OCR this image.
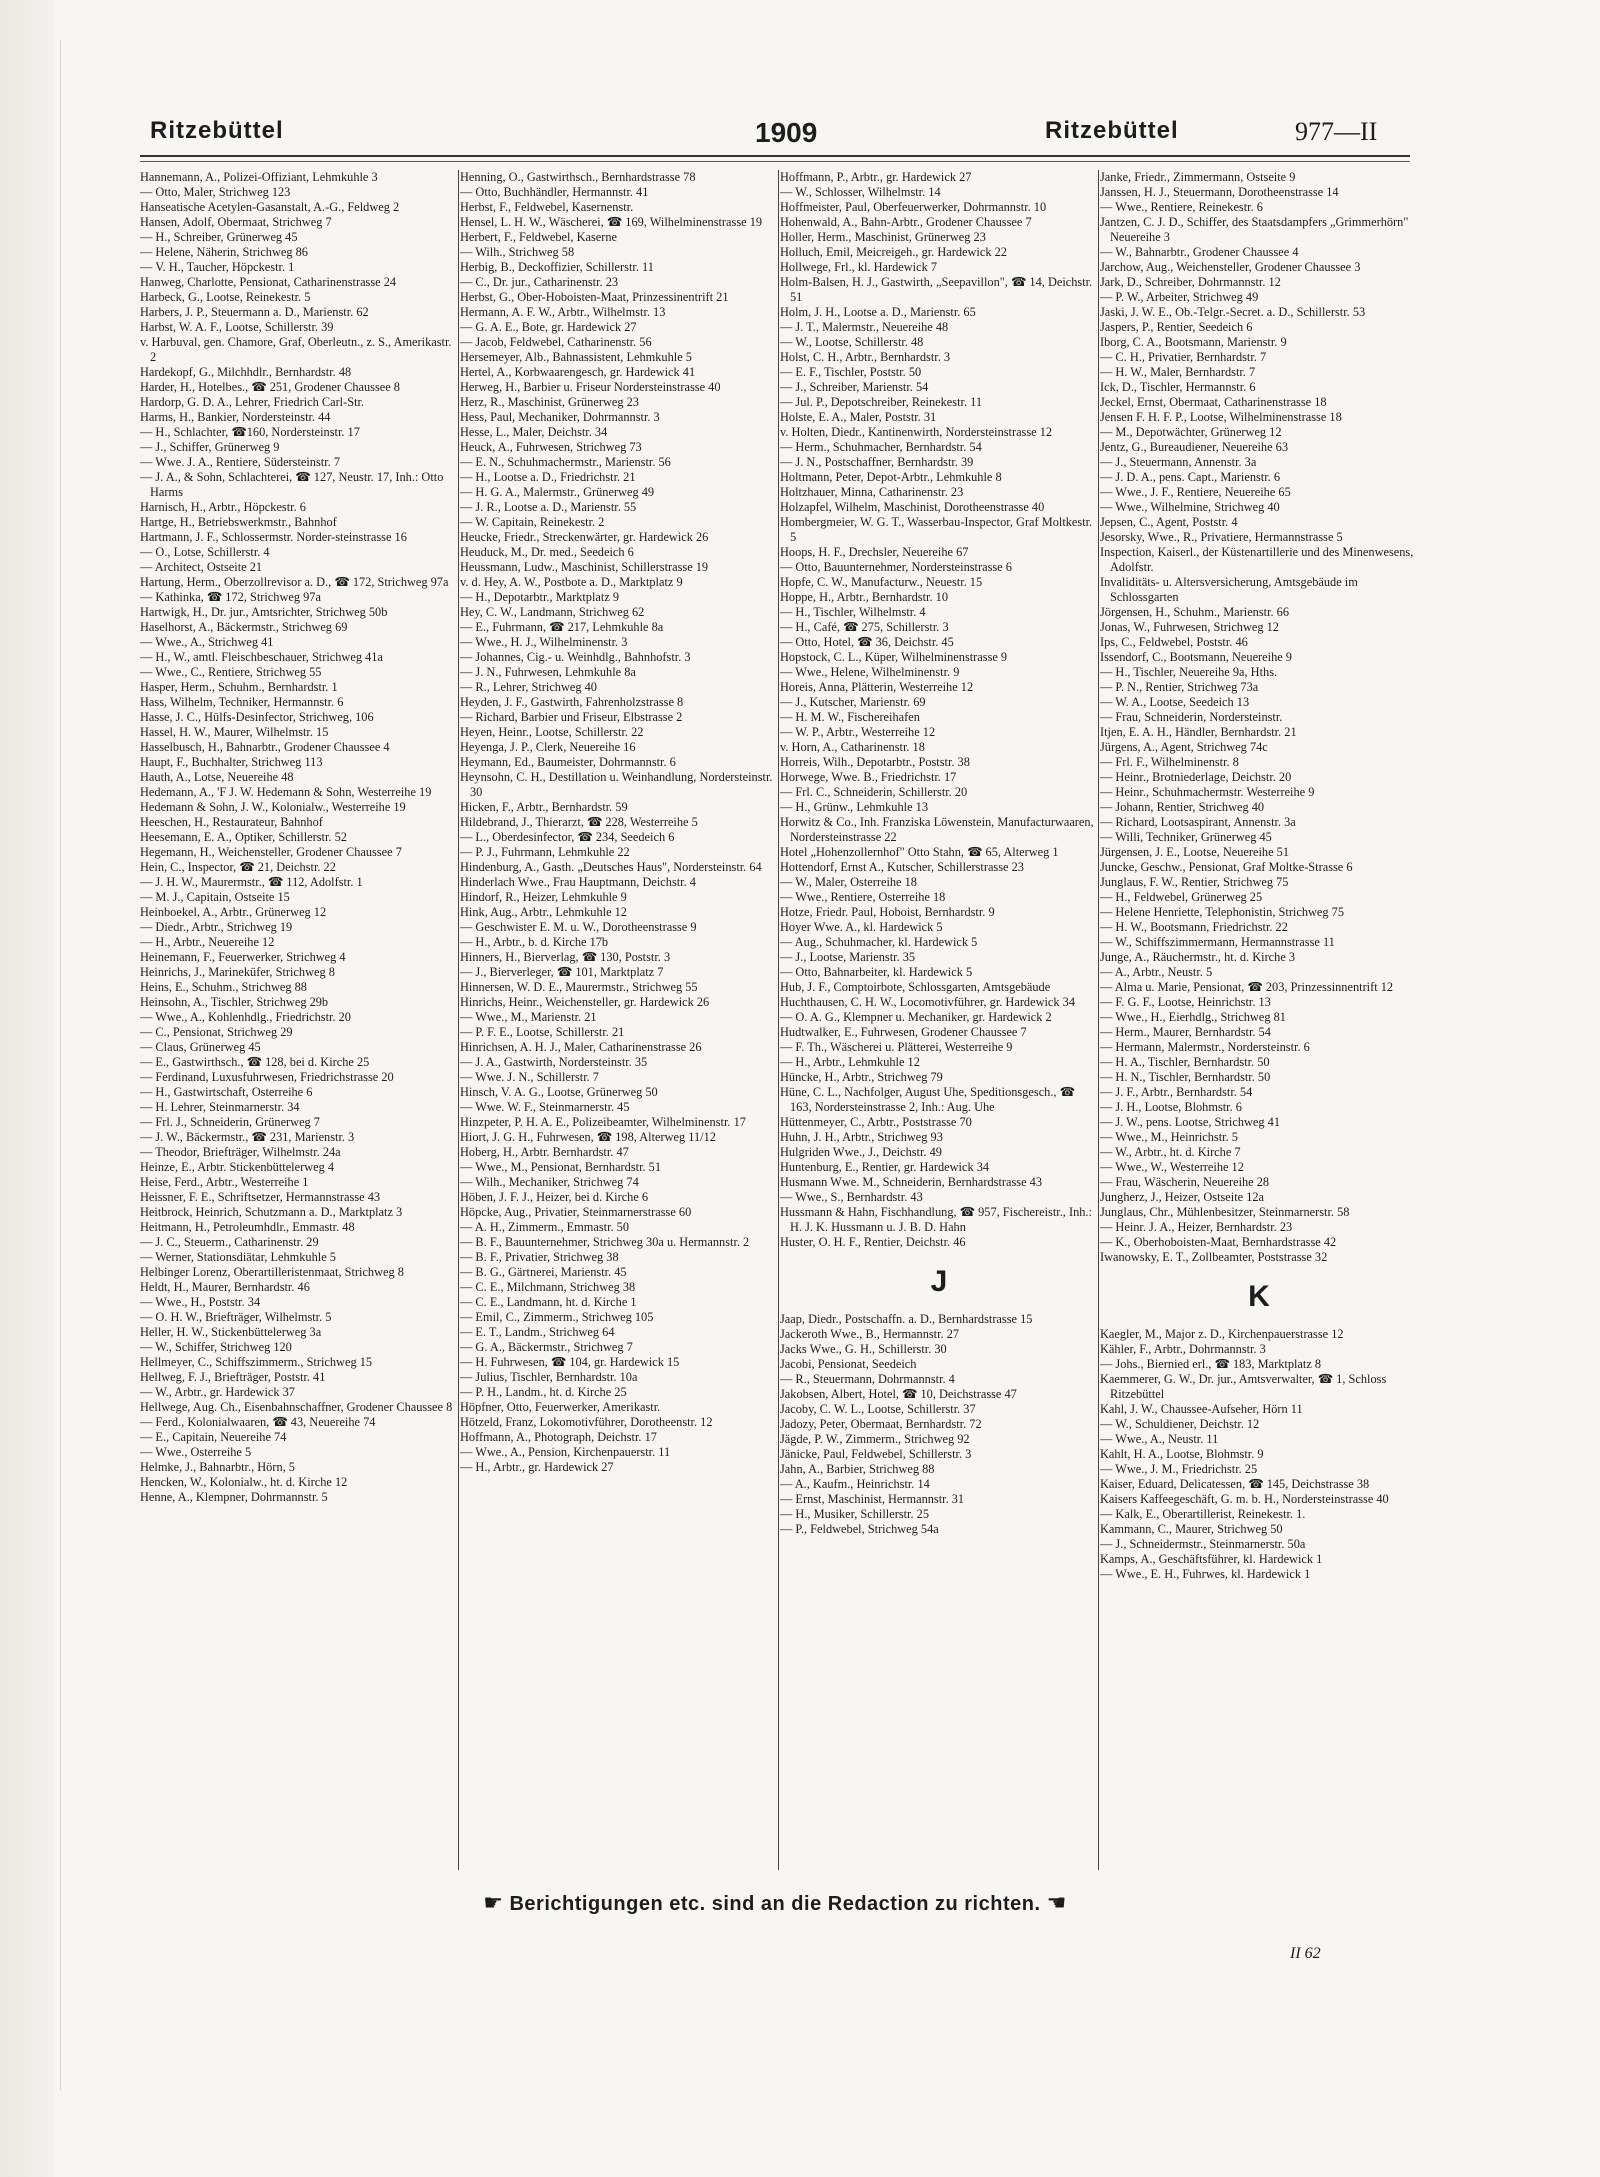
Ritzebüttel	1909	Ritzebüttel	977—II

Hannemann, A., Polizei-Offiziant, Lehmkuhle 3

— Otto, Maler, Strichweg 123

Hanseatische Acetylen-Gasanstalt, A.-G., Feldweg 2

Hansen, Adolf, Obermaat, Strichweg 7

— H., Schreiber, Grünerweg 45

— Helene, Näherin, Strichweg 86

— V. H., Taucher, Höpckestr. 1

Hanweg, Charlotte, Pensionat, Catharinenstrasse 24

Harbeck, G., Lootse, Reinekestr. 5

Harbers, J. P., Steuermann a. D., Marienstr. 62

Harbst, W. A. F., Lootse, Schillerstr. 39

v. Harbuval, gen. Chamore, Graf, Oberleutn., z. S., Amerikastr. 2

Hardekopf, G., Milchhdlr., Bernhardstr. 48

Harder, H., Hotelbes., ☎ 251, Grodener Chaussee 8

Hardorp, G. D. A., Lehrer, Friedrich Carl-Str.

Harms, H., Bankier, Nordersteinstr. 44

— H., Schlachter, ☎160, Nordersteinstr. 17

— J., Schiffer, Grünerweg 9

— Wwe. J. A., Rentiere, Südersteinstr. 7

— J. A., & Sohn, Schlachterei, ☎ 127, Neustr. 17, Inh.: Otto Harms

Harnisch, H., Arbtr., Höpckestr. 6

Hartge, H., Betriebswerkmstr., Bahnhof

Hartmann, J. F., Schlossermstr. Norder-steinstrasse 16

— O., Lotse, Schillerstr. 4

— Architect, Ostseite 21

Hartung, Herm., Oberzollrevisor a. D., ☎ 172, Strichweg 97a

— Kathinka, ☎ 172, Strichweg 97a

Hartwigk, H., Dr. jur., Amtsrichter, Strichweg 50b

Haselhorst, A., Bäckermstr., Strichweg 69

— Wwe., A., Strichweg 41

— H., W., amtl. Fleischbeschauer, Strichweg 41a

— Wwe., C., Rentiere, Strichweg 55

Hasper, Herm., Schuhm., Bernhardstr. 1

Hass, Wilhelm, Techniker, Hermannstr. 6

Hasse, J. C., Hülfs-Desinfector, Strichweg, 106

Hassel, H. W., Maurer, Wilhelmstr. 15

Hasselbusch, H., Bahnarbtr., Grodener Chaussee 4

Haupt, F., Buchhalter, Strichweg 113

Hauth, A., Lotse, Neuereihe 48

Hedemann, A., 'F J. W. Hedemann & Sohn, Westerreihe 19

Hedemann & Sohn, J. W., Kolonialw., Westerreihe 19

Heeschen, H., Restaurateur, Bahnhof

Heesemann, E. A., Optiker, Schillerstr. 52

Hegemann, H., Weichensteller, Grodener Chaussee 7

Hein, C., Inspector, ☎ 21, Deichstr. 22

— J. H. W., Maurermstr., ☎ 112, Adolfstr. 1

— M. J., Capitain, Ostseite 15

Heinboekel, A., Arbtr., Grünerweg 12

— Diedr., Arbtr., Strichweg 19

— H., Arbtr., Neuereihe 12

Heinemann, F., Feuerwerker, Strichweg 4

Heinrichs, J., Marineküfer, Strichweg 8

Heins, E., Schuhm., Strichweg 88

Heinsohn, A., Tischler, Strichweg 29b

— Wwe., A., Kohlenhdlg., Friedrichstr. 20

— C., Pensionat, Strichweg 29

— Claus, Grünerweg 45

— E., Gastwirthsch., ☎ 128, bei d. Kirche 25

— Ferdinand, Luxusfuhrwesen, Friedrichstrasse 20

— H., Gastwirtschaft, Osterreihe 6

— H. Lehrer, Steinmarnerstr. 34

— Frl. J., Schneiderin, Grünerweg 7

— J. W., Bäckermstr., ☎ 231, Marienstr. 3

— Theodor, Briefträger, Wilhelmstr. 24a

Heinze, E., Arbtr. Stickenbüttelerweg 4

Heise, Ferd., Arbtr., Westerreihe 1

Heissner, F. E., Schriftsetzer, Hermannstrasse 43

Heitbrock, Heinrich, Schutzmann a. D., Marktplatz 3

Heitmann, H., Petroleumhdlr., Emmastr. 48

— J. C., Steuerm., Catharinenstr. 29

— Werner, Stationsdiätar, Lehmkuhle 5

Helbinger Lorenz, Oberartilleristenmaat, Strichweg 8

Heldt, H., Maurer, Bernhardstr. 46

— Wwe., H., Poststr. 34

— O. H. W., Briefträger, Wilhelmstr. 5

Heller, H. W., Stickenbüttelerweg 3a

— W., Schiffer, Strichweg 120

Hellmeyer, C., Schiffszimmerm., Strichweg 15

Hellweg, F. J., Briefträger, Poststr. 41

— W., Arbtr., gr. Hardewick 37

Hellwege, Aug. Ch., Eisenbahnschaffner, Grodener Chaussee 8

— Ferd., Kolonialwaaren, ☎ 43, Neuereihe 74

— E., Capitain, Neuereihe 74

— Wwe., Osterreihe 5

Helmke, J., Bahnarbtr., Hörn, 5

Hencken, W., Kolonialw., ht. d. Kirche 12

Henne, A., Klempner, Dohrmannstr. 5

Henning, O., Gastwirthsch., Bernhardstrasse 78

— Otto, Buchhändler, Hermannstr. 41

Herbst, F., Feldwebel, Kasernenstr.

Hensel, L. H. W., Wäscherei, ☎ 169, Wilhelminenstrasse 19

Herbert, F., Feldwebel, Kaserne

— Wilh., Strichweg 58

Herbig, B., Deckoffizier, Schillerstr. 11

— C., Dr. jur., Catharinenstr. 23

Herbst, G., Ober-Hoboisten-Maat, Prinzessinentrift 21

Hermann, A. F. W., Arbtr., Wilhelmstr. 13

— G. A. E., Bote, gr. Hardewick 27

— Jacob, Feldwebel, Catharinenstr. 56

Hersemeyer, Alb., Bahnassistent, Lehmkuhle 5

Hertel, A., Korbwaarengesch, gr. Hardewick 41

Herweg, H., Barbier u. Friseur Nordersteinstrasse 40

Herz, R., Maschinist, Grünerweg 23

Hess, Paul, Mechaniker, Dohrmannstr. 3

Hesse, L., Maler, Deichstr. 34

Heuck, A., Fuhrwesen, Strichweg 73

— E. N., Schuhmachermstr., Marienstr. 56

— H., Lootse a. D., Friedrichstr. 21

— H. G. A., Malermstr., Grünerweg 49

— J. R., Lootse a. D., Marienstr. 55

— W. Capitain, Reinekestr. 2

Heucke, Friedr., Streckenwärter, gr. Hardewick 26

Heuduck, M., Dr. med., Seedeich 6

Heussmann, Ludw., Maschinist, Schillerstrasse 19

v. d. Hey, A. W., Postbote a. D., Marktplatz 9

— H., Depotarbtr., Marktplatz 9

Hey, C. W., Landmann, Strichweg 62

— E., Fuhrmann, ☎ 217, Lehmkuhle 8a

— Wwe., H. J., Wilhelminenstr. 3

— Johannes, Cig.- u. Weinhdlg., Bahnhofstr. 3

— J. N., Fuhrwesen, Lehmkuhle 8a

— R., Lehrer, Strichweg 40

Heyden, J. F., Gastwirth, Fahrenholzstrasse 8

— Richard, Barbier und Friseur, Elbstrasse 2

Heyen, Heinr., Lootse, Schillerstr. 22

Heyenga, J. P., Clerk, Neuereihe 16

Heymann, Ed., Baumeister, Dohrmannstr. 6

Heynsohn, C. H., Destillation u. Weinhandlung, Nordersteinstr. 30

Hicken, F., Arbtr., Bernhardstr. 59

Hildebrand, J., Thierarzt, ☎ 228, Westerreihe 5

— L., Oberdesinfector, ☎ 234, Seedeich 6

— P. J., Fuhrmann, Lehmkuhle 22

Hindenburg, A., Gasth. „Deutsches Haus", Nordersteinstr. 64

Hinderlach Wwe., Frau Hauptmann, Deichstr. 4

Hindorf, R., Heizer, Lehmkuhle 9

Hink, Aug., Arbtr., Lehmkuhle 12

— Geschwister E. M. u. W., Dorotheenstrasse 9

— H., Arbtr., b. d. Kirche 17b

Hinners, H., Bierverlag, ☎ 130, Poststr. 3

— J., Bierverleger, ☎ 101, Marktplatz 7

Hinnersen, W. D. E., Maurermstr., Strichweg 55

Hinrichs, Heinr., Weichensteller, gr. Hardewick 26

— Wwe., M., Marienstr. 21

— P. F. E., Lootse, Schillerstr. 21

Hinrichsen, A. H. J., Maler, Catharinenstrasse 26

— J. A., Gastwirth, Nordersteinstr. 35

— Wwe. J. N., Schillerstr. 7

Hinsch, V. A. G., Lootse, Grünerweg 50

— Wwe. W. F., Steinmarnerstr. 45

Hinzpeter, P. H. A. E., Polizeibeamter, Wilhelminenstr. 17

Hiort, J. G. H., Fuhrwesen, ☎ 198, Alterweg 11/12

Hoberg, H., Arbtr. Bernhardstr. 47

— Wwe., M., Pensionat, Bernhardstr. 51

— Wilh., Mechaniker, Strichweg 74

Höben, J. F. J., Heizer, bei d. Kirche 6

Höpcke, Aug., Privatier, Steinmarnerstrasse 60

— A. H., Zimmerm., Emmastr. 50

— B. F., Bauunternehmer, Strichweg 30a u. Hermannstr. 2

— B. F., Privatier, Strichweg 38

— B. G., Gärtnerei, Marienstr. 45

— C. E., Milchmann, Strichweg 38

— C. E., Landmann, ht. d. Kirche 1

— Emil, C., Zimmerm., Strichweg 105

— E. T., Landm., Strichweg 64

— G. A., Bäckermstr., Strichweg 7

— H. Fuhrwesen, ☎ 104, gr. Hardewick 15

— Julius, Tischler, Bernhardstr. 10a

— P. H., Landm., ht. d. Kirche 25

Höpfner, Otto, Feuerwerker, Amerikastr.

Hötzeld, Franz, Lokomotivführer, Dorotheenstr. 12

Hoffmann, A., Photograph, Deichstr. 17

— Wwe., A., Pension, Kirchenpauerstr. 11

— H., Arbtr., gr. Hardewick 27

Hoffmann, P., Arbtr., gr. Hardewick 27

— W., Schlosser, Wilhelmstr. 14

Hoffmeister, Paul, Oberfeuerwerker, Dohrmannstr. 10

Hohenwald, A., Bahn-Arbtr., Grodener Chaussee 7

Holler, Herm., Maschinist, Grünerweg 23

Holluch, Emil, Meicreigeh., gr. Hardewick 22

Hollwege, Frl., kl. Hardewick 7

Holm-Balsen, H. J., Gastwirth, „Seepavillon", ☎ 14, Deichstr. 51

Holm, J. H., Lootse a. D., Marienstr. 65

— J. T., Malermstr., Neuereihe 48

— W., Lootse, Schillerstr. 48

Holst, C. H., Arbtr., Bernhardstr. 3

— E. F., Tischler, Poststr. 50

— J., Schreiber, Marienstr. 54

— Jul. P., Depotschreiber, Reinekestr. 11

Holste, E. A., Maler, Poststr. 31

v. Holten, Diedr., Kantinenwirth, Nordersteinstrasse 12

— Herm., Schuhmacher, Bernhardstr. 54

— J. N., Postschaffner, Bernhardstr. 39

Holtmann, Peter, Depot-Arbtr., Lehmkuhle 8

Holtzhauer, Minna, Catharinenstr. 23

Holzapfel, Wilhelm, Maschinist, Dorotheenstrasse 40

Hombergmeier, W. G. T., Wasserbau-Inspector, Graf Moltkestr. 5

Hoops, H. F., Drechsler, Neuereihe 67

— Otto, Bauunternehmer, Nordersteinstrasse 6

Hopfe, C. W., Manufacturw., Neuestr. 15

Hoppe, H., Arbtr., Bernhardstr. 10

— H., Tischler, Wilhelmstr. 4

— H., Café, ☎ 275, Schillerstr. 3

— Otto, Hotel, ☎ 36, Deichstr. 45

Hopstock, C. L., Küper, Wilhelminenstrasse 9

— Wwe., Helene, Wilhelminenstr. 9

Horeis, Anna, Plätterin, Westerreihe 12

— J., Kutscher, Marienstr. 69

— H. M. W., Fischereihafen

— W. P., Arbtr., Westerreihe 12

v. Horn, A., Catharinenstr. 18

Horreis, Wilh., Depotarbtr., Poststr. 38

Horwege, Wwe. B., Friedrichstr. 17

— Frl. C., Schneiderin, Schillerstr. 20

— H., Grünw., Lehmkuhle 13

Horwitz & Co., Inh. Franziska Löwenstein, Manufacturwaaren, Nordersteinstrasse 22

Hotel „Hohenzollernhof" Otto Stahn, ☎ 65, Alterweg 1

Hottendorf, Ernst A., Kutscher, Schillerstrasse 23

— W., Maler, Osterreihe 18

— Wwe., Rentiere, Osterreihe 18

Hotze, Friedr. Paul, Hoboist, Bernhardstr. 9

Hoyer Wwe. A., kl. Hardewick 5

— Aug., Schuhmacher, kl. Hardewick 5

— J., Lootse, Marienstr. 35

— Otto, Bahnarbeiter, kl. Hardewick 5

Hub, J. F., Comptoirbote, Schlossgarten, Amtsgebäude

Huchthausen, C. H. W., Locomotivführer, gr. Hardewick 34

— O. A. G., Klempner u. Mechaniker, gr. Hardewick 2

Hudtwalker, E., Fuhrwesen, Grodener Chaussee 7

— F. Th., Wäscherei u. Plätterei, Westerreihe 9

— H., Arbtr., Lehmkuhle 12

Hüncke, H., Arbtr., Strichweg 79

Hüne, C. L., Nachfolger, August Uhe, Speditionsgesch., ☎ 163, Nordersteinstrasse 2, Inh.: Aug. Uhe

Hüttenmeyer, C., Arbtr., Poststrasse 70

Huhn, J. H., Arbtr., Strichweg 93

Hulgriden Wwe., J., Deichstr. 49

Huntenburg, E., Rentier, gr. Hardewick 34

Husmann Wwe. M., Schneiderin, Bernhardstrasse 43

— Wwe., S., Bernhardstr. 43

Hussmann & Hahn, Fischhandlung, ☎ 957, Fischereistr., Inh.: H. J. K. Hussmann u. J. B. D. Hahn

Huster, O. H. F., Rentier, Deichstr. 46

J

Jaap, Diedr., Postschaffn. a. D., Bernhardstrasse 15

Jackeroth Wwe., B., Hermannstr. 27

Jacks Wwe., G. H., Schillerstr. 30

Jacobi, Pensionat, Seedeich

— R., Steuermann, Dohrmannstr. 4

Jakobsen, Albert, Hotel, ☎ 10, Deichstrasse 47

Jacoby, C. W. L., Lootse, Schillerstr. 37

Jadozy, Peter, Obermaat, Bernhardstr. 72

Jägde, P. W., Zimmerm., Strichweg 92

Jänicke, Paul, Feldwebel, Schillerstr. 3

Jahn, A., Barbier, Strichweg 88

— A., Kaufm., Heinrichstr. 14

— Ernst, Maschinist, Hermannstr. 31

— H., Musiker, Schillerstr. 25

— P., Feldwebel, Strichweg 54a

Janke, Friedr., Zimmermann, Ostseite 9

Janssen, H. J., Steuermann, Dorotheenstrasse 14

— Wwe., Rentiere, Reinekestr. 6

Jantzen, C. J. D., Schiffer, des Staatsdampfers „Grimmerhörn" Neuereihe 3

— W., Bahnarbtr., Grodener Chaussee 4

Jarchow, Aug., Weichensteller, Grodener Chaussee 3

Jark, D., Schreiber, Dohrmannstr. 12

— P. W., Arbeiter, Strichweg 49

Jaski, J. W. E., Ob.-Telgr.-Secret. a. D., Schillerstr. 53

Jaspers, P., Rentier, Seedeich 6

Iborg, C. A., Bootsmann, Marienstr. 9

— C. H., Privatier, Bernhardstr. 7

— H. W., Maler, Bernhardstr. 7

Ick, D., Tischler, Hermannstr. 6

Jeckel, Ernst, Obermaat, Catharinenstrasse 18

Jensen F. H. F. P., Lootse, Wilhelminenstrasse 18

— M., Depotwächter, Grünerweg 12

Jentz, G., Bureaudiener, Neuereihe 63

— J., Steuermann, Annenstr. 3a

— J. D. A., pens. Capt., Marienstr. 6

— Wwe., J. F., Rentiere, Neuereihe 65

— Wwe., Wilhelmine, Strichweg 40

Jepsen, C., Agent, Poststr. 4

Jesorsky, Wwe., R., Privatiere, Hermannstrasse 5

Inspection, Kaiserl., der Küstenartillerie und des Minenwesens, Adolfstr.

Invaliditäts- u. Altersversicherung, Amtsgebäude im Schlossgarten

Jörgensen, H., Schuhm., Marienstr. 66

Jonas, W., Fuhrwesen, Strichweg 12

Ips, C., Feldwebel, Poststr. 46

Issendorf, C., Bootsmann, Neuereihe 9

— H., Tischler, Neuereihe 9a, Hths.

— P. N., Rentier, Strichweg 73a

— W. A., Lootse, Seedeich 13

— Frau, Schneiderin, Nordersteinstr.

Itjen, E. A. H., Händler, Bernhardstr. 21

Jürgens, A., Agent, Strichweg 74c

— Frl. F., Wilhelminenstr. 8

— Heinr., Brotniederlage, Deichstr. 20

— Heinr., Schuhmachermstr. Westerreihe 9

— Johann, Rentier, Strichweg 40

— Richard, Lootsaspirant, Annenstr. 3a

— Willi, Techniker, Grünerweg 45

Jürgensen, J. E., Lootse, Neuereihe 51

Juncke, Geschw., Pensionat, Graf Moltke-Strasse 6

Junglaus, F. W., Rentier, Strichweg 75

— H., Feldwebel, Grünerweg 25

— Helene Henriette, Telephonistin, Strichweg 75

— H. W., Bootsmann, Friedrichstr. 22

— W., Schiffszimmermann, Hermannstrasse 11

Junge, A., Räuchermstr., ht. d. Kirche 3

— A., Arbtr., Neustr. 5

— Alma u. Marie, Pensionat, ☎ 203, Prinzessinnentrift 12

— F. G. F., Lootse, Heinrichstr. 13

— Wwe., H., Eierhdlg., Strichweg 81

— Herm., Maurer, Bernhardstr. 54

— Hermann, Malermstr., Nordersteinstr. 6

— H. A., Tischler, Bernhardstr. 50

— H. N., Tischler, Bernhardstr. 50

— J. F., Arbtr., Bernhardstr. 54

— J. H., Lootse, Blohmstr. 6

— J. W., pens. Lootse, Strichweg 41

— Wwe., M., Heinrichstr. 5

— W., Arbtr., ht. d. Kirche 7

— Wwe., W., Westerreihe 12

— Frau, Wäscherin, Neuereihe 28

Jungherz, J., Heizer, Ostseite 12a

Junglaus, Chr., Mühlenbesitzer, Steinmarnerstr. 58

— Heinr. J. A., Heizer, Bernhardstr. 23

— K., Oberhoboisten-Maat, Bernhardstrasse 42

Iwanowsky, E. T., Zollbeamter, Poststrasse 32

K

Kaegler, M., Major z. D., Kirchenpauerstrasse 12

Kähler, F., Arbtr., Dohrmannstr. 3

— Johs., Biernied erl., ☎ 183, Marktplatz 8

Kaemmerer, G. W., Dr. jur., Amtsverwalter, ☎ 1, Schloss Ritzebüttel

Kahl, J. W., Chaussee-Aufseher, Hörn 11

— W., Schuldiener, Deichstr. 12

— Wwe., A., Neustr. 11

Kahlt, H. A., Lootse, Blohmstr. 9

— Wwe., J. M., Friedrichstr. 25

Kaiser, Eduard, Delicatessen, ☎ 145, Deichstrasse 38

Kaisers Kaffeegeschäft, G. m. b. H., Nordersteinstrasse 40

— Kalk, E., Oberartillerist, Reinekestr. 1.

Kammann, C., Maurer, Strichweg 50

— J., Schneidermstr., Steinmarnerstr. 50a

Kamps, A., Geschäftsführer, kl. Hardewick 1

— Wwe., E. H., Fuhrwes, kl. Hardewick 1

☛ Berichtigungen etc. sind an die Redaction zu richten. ☚
II 62
